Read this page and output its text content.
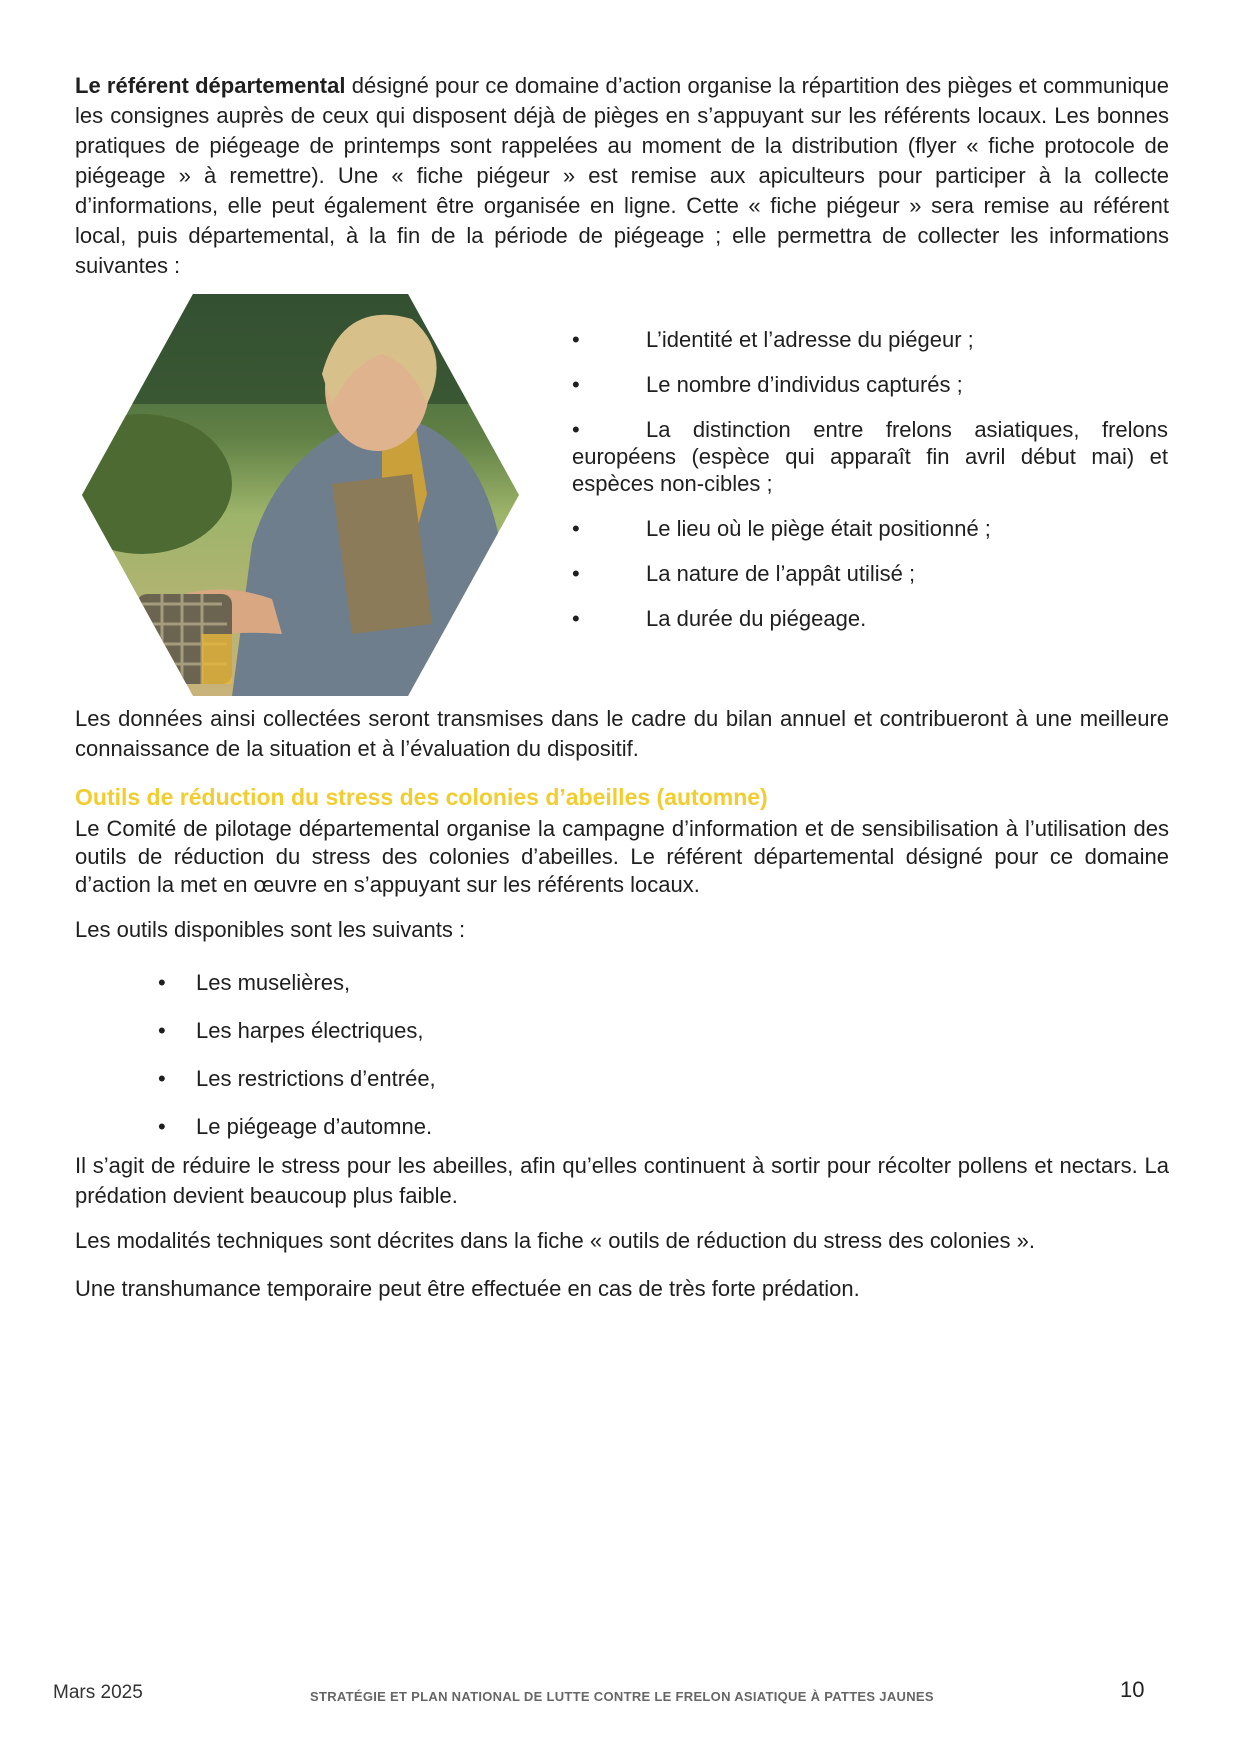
Le référent départemental désigné pour ce domaine d’action organise la répartition des pièges et communique les consignes auprès de ceux qui disposent déjà de pièges en s’appuyant sur les référents locaux. Les bonnes pratiques de piégeage de printemps sont rappelées au moment de la distribution (flyer « fiche protocole de piégeage » à remettre). Une « fiche piégeur » est remise aux apiculteurs pour participer à la collecte d’informations, elle peut également être organisée en ligne. Cette « fiche piégeur » sera remise au référent local, puis départemental, à la fin de la période de piégeage ; elle permettra de collecter les informations suivantes :

•	L’identité et l’adresse du piégeur ;
•	Le nombre d’individus capturés ;
•	La distinction entre frelons asiatiques, frelons européens (espèce qui apparaît fin avril début mai) et espèces non-cibles ;
•	Le lieu où le piège était positionné ;
•	La nature de l’appât utilisé ;
•	La durée du piégeage.

Les données ainsi collectées seront transmises dans le cadre du bilan annuel et contribueront à une meilleure connaissance de la situation et à l’évaluation du dispositif.

Outils de réduction du stress des colonies d’abeilles (automne)

Le Comité de pilotage départemental organise la campagne d’information et de sensibilisation à l’utilisation des outils de réduction du stress des colonies d’abeilles. Le référent départemental désigné pour ce domaine d’action la met en œuvre en s’appuyant sur les référents locaux.

Les outils disponibles sont les suivants :

• Les muselières,
• Les harpes électriques,
• Les restrictions d’entrée,
• Le piégeage d’automne.

Il s’agit de réduire le stress pour les abeilles, afin qu’elles continuent à sortir pour récolter pollens et nectars. La prédation devient beaucoup plus faible.

Les modalités techniques sont décrites dans la fiche « outils de réduction du stress des colonies ».

Une transhumance temporaire peut être effectuée en cas de très forte prédation.

Mars 2025	STRATÉGIE ET PLAN NATIONAL DE LUTTE CONTRE LE FRELON ASIATIQUE À PATTES JAUNES	10
